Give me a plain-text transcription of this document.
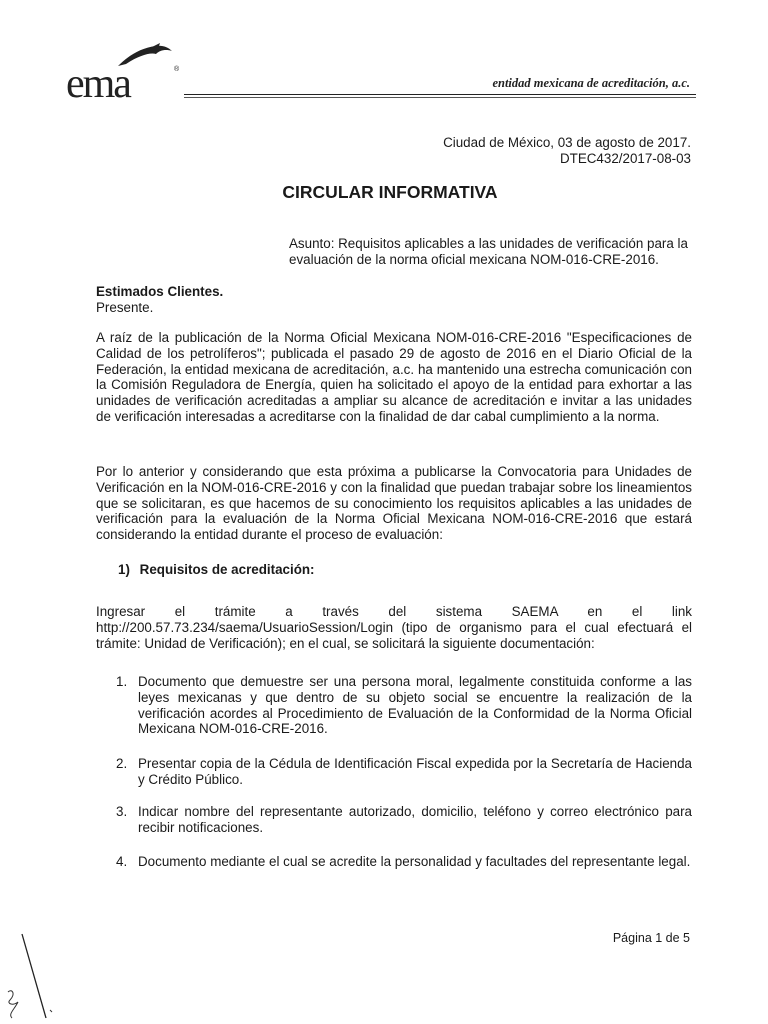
ema	®
entidad mexicana de acreditación, a.c.
Ciudad de México, 03 de agosto de 2017.
DTEC432/2017-08-03
CIRCULAR INFORMATIVA
Asunto: Requisitos aplicables a las unidades de verificación para la evaluación de la norma oficial mexicana NOM-016-CRE-2016.
Estimados Clientes.
Presente.

A raíz de la publicación de la Norma Oficial Mexicana NOM-016-CRE-2016 "Especificaciones de Calidad de los petrolíferos"; publicada el pasado 29 de agosto de 2016 en el Diario Oficial de la Federación, la entidad mexicana de acreditación, a.c. ha mantenido una estrecha comunicación con la Comisión Reguladora de Energía, quien ha solicitado el apoyo de la entidad para exhortar a las unidades de verificación acreditadas a ampliar su alcance de acreditación e invitar a las unidades de verificación interesadas a acreditarse con la finalidad de dar cabal cumplimiento a la norma.

Por lo anterior y considerando que esta próxima a publicarse la Convocatoria para Unidades de Verificación en la NOM-016-CRE-2016 y con la finalidad que puedan trabajar sobre los lineamientos que se solicitaran, es que hacemos de su conocimiento los requisitos aplicables a las unidades de verificación para la evaluación de la Norma Oficial Mexicana NOM-016-CRE-2016 que estará considerando la entidad durante el proceso de evaluación:

1) Requisitos de acreditación:

Ingresar el trámite a través del sistema SAEMA en el link http://200.57.73.234/saema/UsuarioSession/Login (tipo de organismo para el cual efectuará el trámite: Unidad de Verificación); en el cual, se solicitará la siguiente documentación:

1. Documento que demuestre ser una persona moral, legalmente constituida conforme a las leyes mexicanas y que dentro de su objeto social se encuentre la realización de la verificación acordes al Procedimiento de Evaluación de la Conformidad de la Norma Oficial Mexicana NOM-016-CRE-2016.
2. Presentar copia de la Cédula de Identificación Fiscal expedida por la Secretaría de Hacienda y Crédito Público.
3. Indicar nombre del representante autorizado, domicilio, teléfono y correo electrónico para recibir notificaciones.
4. Documento mediante el cual se acredite la personalidad y facultades del representante legal.
Página 1 de 5
